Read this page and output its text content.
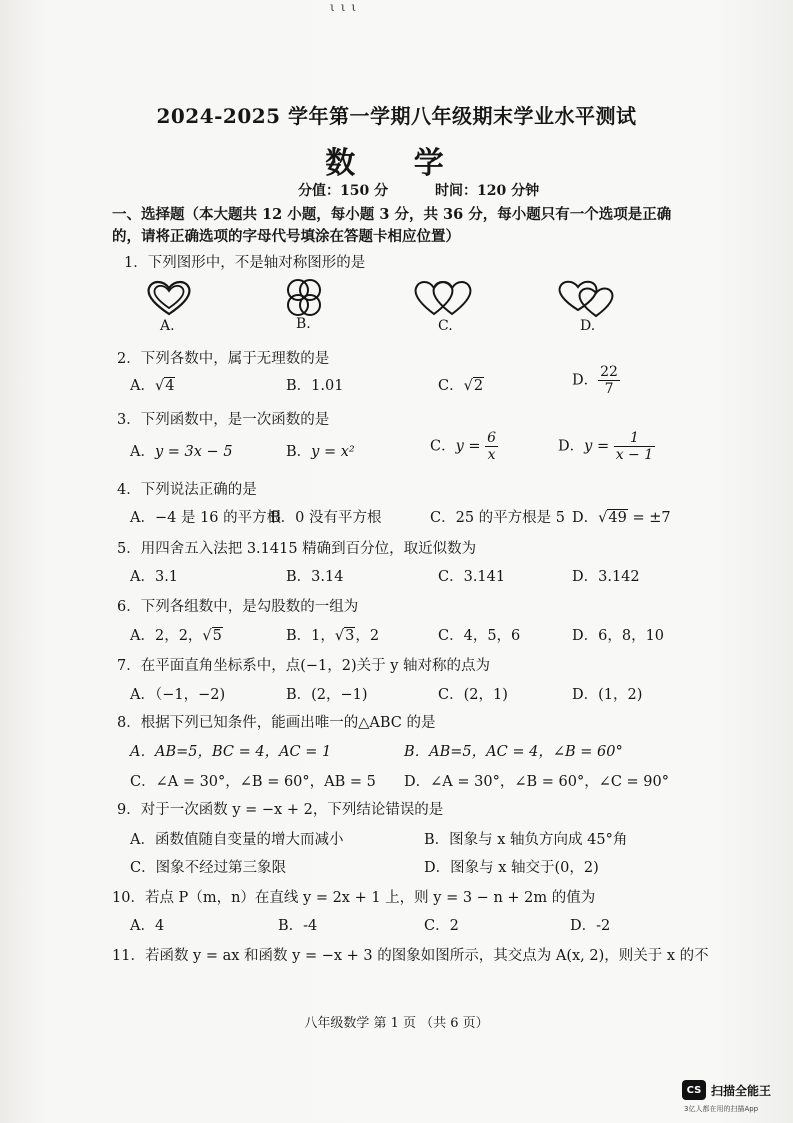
ιιι
2024-2025 学年第一学期八年级期末学业水平测试
数 学
分值：150 分	时间：120 分钟
一、选择题（本大题共 12 小题，每小题 3 分，共 36 分，每小题只有一个选项是正确的，请将正确选项的字母代号填涂在答题卡相应位置）
1．下列图形中，不是轴对称图形的是
A.	B.	C.	D.
2．下列各数中，属于无理数的是
A．√4	B．1.01	C．√2	D． $\frac{22}{7}$
3．下列函数中，是一次函数的是
A．y = 3x − 5	B．y = x²	C．$y = \frac{6}{x}$	D．$y = \frac{1}{x - 1}$
4．下列说法正确的是
A．−4 是 16 的平方根
B．0 没有平方根	C．25 的平方根是 5 D．√49 = ±7
5．用四舍五入法把 3.1415 精确到百分位，取近似数为
A．3.1	B．3.14	C．3.141	D．3.142
6．下列各组数中，是勾股数的一组为
A．2，2，√5	B．1，√3，2	C．4，5，6	D．6，8，10
7．在平面直角坐标系中，点(−1，2)关于 y 轴对称的点为
A．（−1，−2)	B．(2，−1)	C．(2，1)	D．(1，2)
8．根据下列已知条件，能画出唯一的△ABC 的是
A．AB=5，BC = 4，AC = 1	B．AB=5，AC = 4，∠B = 60°
C．∠A = 30°，∠B = 60°，AB = 5 D．∠A = 30°，∠B = 60°，∠C = 90°
9．对于一次函数 y = −x + 2，下列结论错误的是
A．函数值随自变量的增大而减小	B．图象与 x 轴负方向成 45°角
C．图象不经过第三象限	D．图象与 x 轴交于(0，2)
10．若点 P（m，n）在直线 y = 2x + 1 上，则 y = 3 − n + 2m 的值为
A．4	B．-4	C．2	D．-2
11．若函数 y = ax 和函数 y = −x + 3 的图象如图所示，其交点为 A(x, 2)，则关于 x 的不
八年级数学 第 1 页 （共 6 页）
CS 扫描全能王
3亿人都在用的扫描App
